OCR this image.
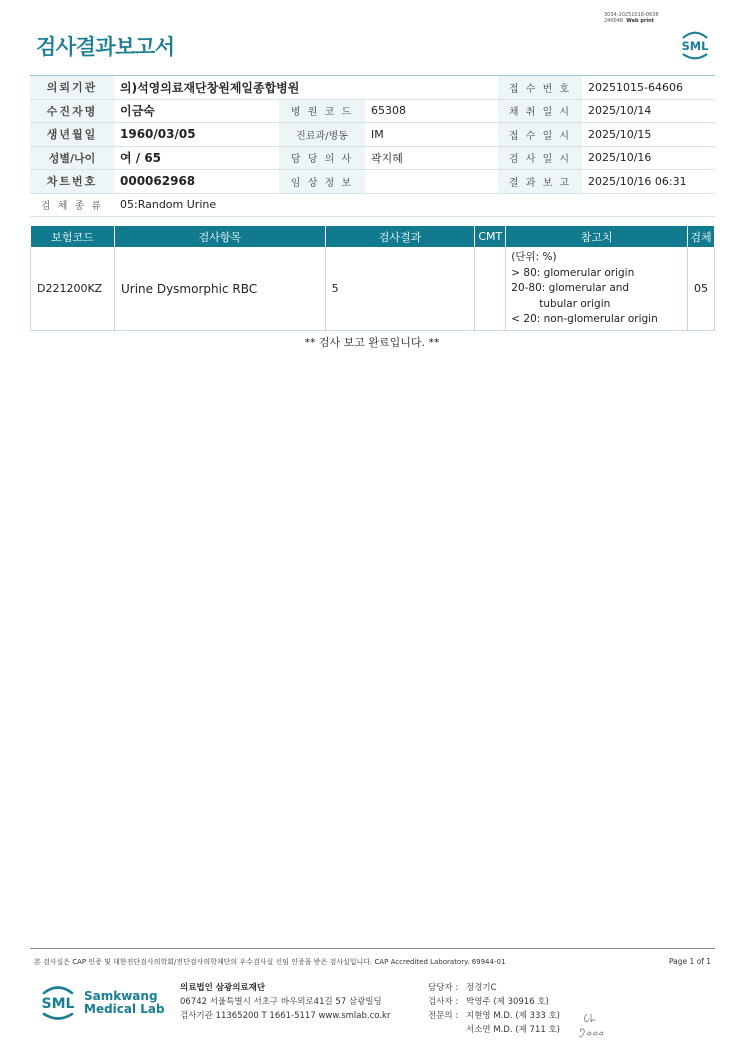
3034-20251016-0638
240048 Web print
검사결과보고서	SML
의뢰기관	의)석영의료재단창원제일종합병원			접 수 번 호	20251015-64606
수진자명	이금숙	병 원 코 드	65308	채 취 일 시	2025/10/14
생년월일	1960/03/05	진료과/병동	IM	접 수 일 시	2025/10/15
성별/나이	여 / 65	담 당 의 사	곽지혜	검 사 일 시	2025/10/16
차트번호	000062968	임 상 정 보		결 과 보 고	2025/10/16 06:31
검 체 종 류	05:Random Urine				
보험코드	검사항목	검사결과	CMT	참고치	검체
D221200KZ	Urine Dysmorphic RBC	5		(단위: %)
> 80: glomerular origin
20-80: glomerular and
tubular origin
< 20: non-glomerular origin	05
** 검사 보고 완료입니다. **
본 검사실은 CAP 인증 및 대한진단검사의학회/진단검사의학재단의 우수검사실 신임 인증을 받은 검사실입니다. CAP Accredited Laboratory. 69944-01	Page 1 of 1
SML Samkwang
Medical Lab
의료법인 삼광의료재단
06742 서울특별시 서초구 바우뫼로41길 57 삼광빌딩
검사기관 11365200 T 1661-5117 www.smlab.co.kr
담당자 : 정경기C
검사자 : 박영주 (제 30916 호)
전문의 : 지현영 M.D. (제 333 호)
서소연 M.D. (제 711 호)
